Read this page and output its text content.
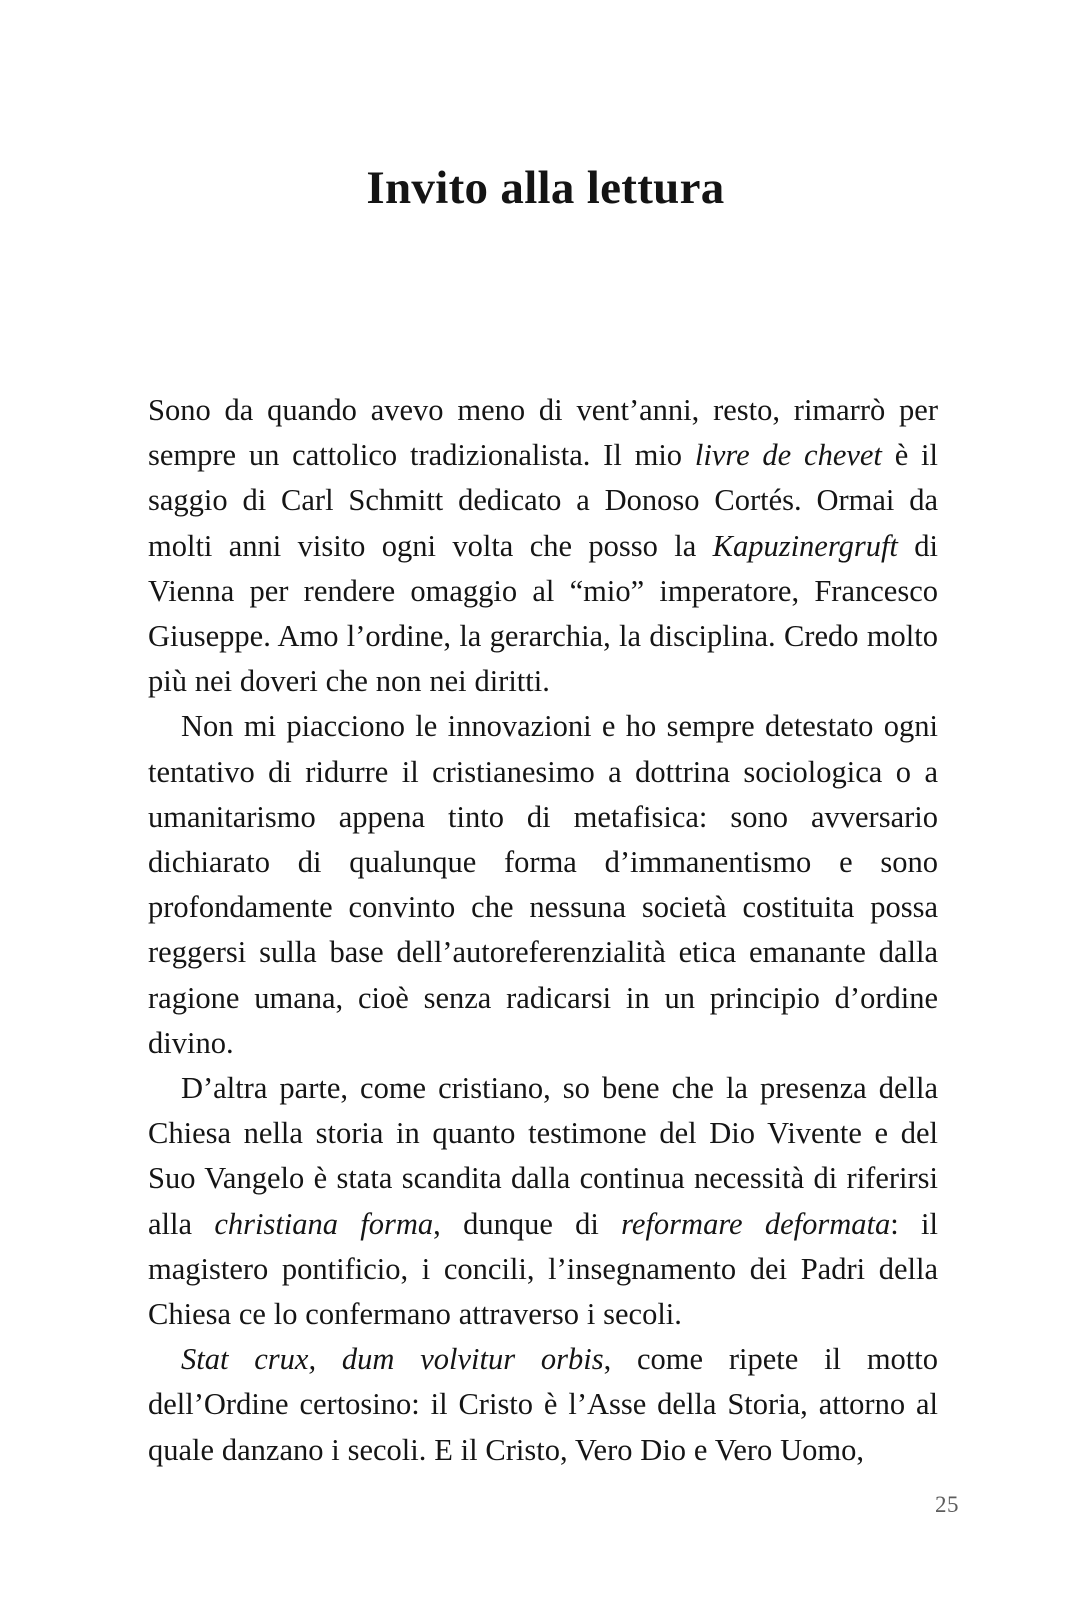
Invito alla lettura

Sono da quando avevo meno di vent’anni, resto, rimarrò per sempre un cattolico tradizionalista. Il mio livre de chevet è il saggio di Carl Schmitt dedicato a Donoso Cortés. Ormai da molti anni visito ogni volta che posso la Kapuzinergruft di Vienna per rendere omaggio al “mio” imperatore, Francesco Giuseppe. Amo l’ordine, la gerarchia, la disciplina. Credo molto più nei doveri che non nei diritti.

Non mi piacciono le innovazioni e ho sempre detestato ogni tentativo di ridurre il cristianesimo a dottrina sociologica o a umanitarismo appena tinto di metafisica: sono avversario dichiarato di qualunque forma d’immanentismo e sono profondamente convinto che nessuna società costituita possa reggersi sulla base dell’autoreferenzialità etica emanante dalla ragione umana, cioè senza radicarsi in un principio d’ordine divino.

D’altra parte, come cristiano, so bene che la presenza della Chiesa nella storia in quanto testimone del Dio Vivente e del Suo Vangelo è stata scandita dalla continua necessità di riferirsi alla christiana forma, dunque di reformare deformata: il magistero pontificio, i concili, l’insegnamento dei Padri della Chiesa ce lo confermano attraverso i secoli.

Stat crux, dum volvitur orbis, come ripete il motto dell’Ordine certosino: il Cristo è l’Asse della Storia, attorno al quale danzano i secoli. E il Cristo, Vero Dio e Vero Uomo,

25
